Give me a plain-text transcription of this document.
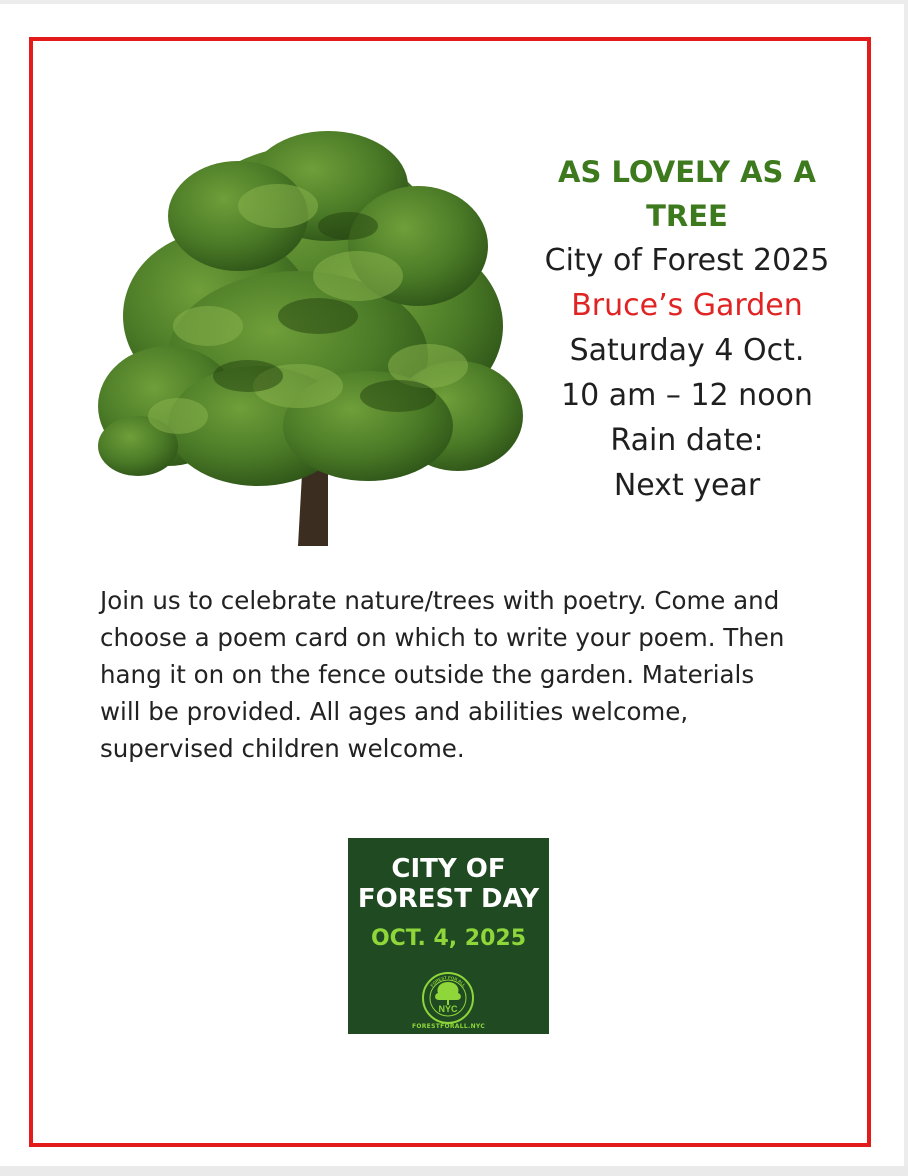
AS LOVELY AS A

TREE

City of Forest 2025

Bruce’s Garden

Saturday 4 Oct.

10 am – 12 noon

Rain date:

Next year

Join us to celebrate nature/trees with poetry. Come and
choose a poem card on which to write your poem. Then
hang it on on the fence outside the garden. Materials
will be provided. All ages and abilities welcome,
supervised children welcome.

CITY OF
FOREST DAY
OCT. 4, 2025
NYC
FOREST FOR ALL
FORESTFORALL.NYC
